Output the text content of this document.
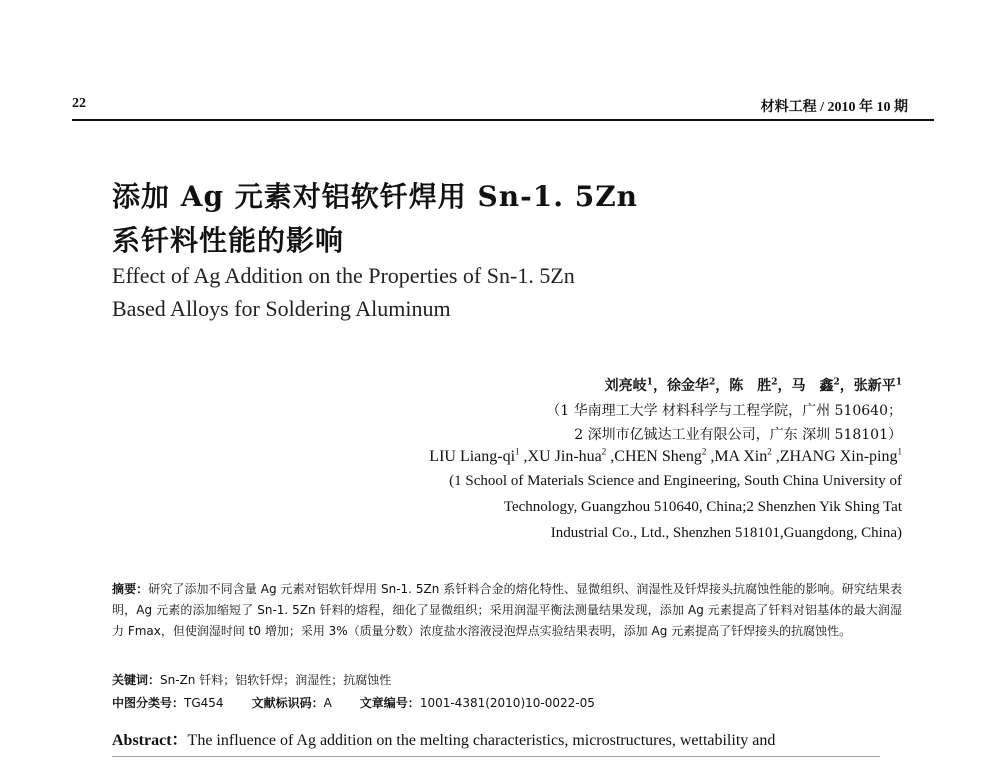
22	材料工程 / 2010 年 10 期
添加 Ag 元素对铝软钎焊用 Sn-1. 5Zn
系钎料性能的影响
Effect of Ag Addition on the Properties of Sn-1. 5Zn
Based Alloys for Soldering Aluminum
刘亮岐$^1$，徐金华$^2$，陈　胜$^2$，马　鑫$^2$，张新平$^1$
（1 华南理工大学 材料科学与工程学院，广州 510640；
2 深圳市亿铖达工业有限公司，广东 深圳 518101）
LIU Liang-$qi^1$ ,XU Jin-hua$^2$ ,CHEN Sheng$^2$ ,MA Xin$^2$ ,ZHANG Xin-ping$^1$
(1 School of Materials Science and Engineering, South China University of
Technology, Guangzhou 510640, China;2 Shenzhen Yik Shing Tat
Industrial Co., Ltd., Shenzhen 518101,Guangdong, China)
摘要：研究了添加不同含量 Ag 元素对铝软钎焊用 Sn-1. 5Zn 系钎料合金的熔化特性、显微组织、润湿性及钎焊接头抗腐蚀性能的影响。研究结果表明，Ag 元素的添加缩短了 Sn-1. 5Zn 钎料的熔程，细化了显微组织；采用润湿平衡法测量结果发现，添加 Ag 元素提高了钎料对铝基体的最大润湿力 Fmax，但使润湿时间 t0 增加；采用 3%（质量分数）浓度盐水溶液浸泡焊点实验结果表明，添加 Ag 元素提高了钎焊接头的抗腐蚀性。
关键词：Sn-Zn 钎料；铝软钎焊；润湿性；抗腐蚀性
中图分类号：TG454 文献标识码：A 文章编号：1001-4381(2010)10-0022-05
Abstract：The influence of Ag addition on the melting characteristics, microstructures, wettability and
